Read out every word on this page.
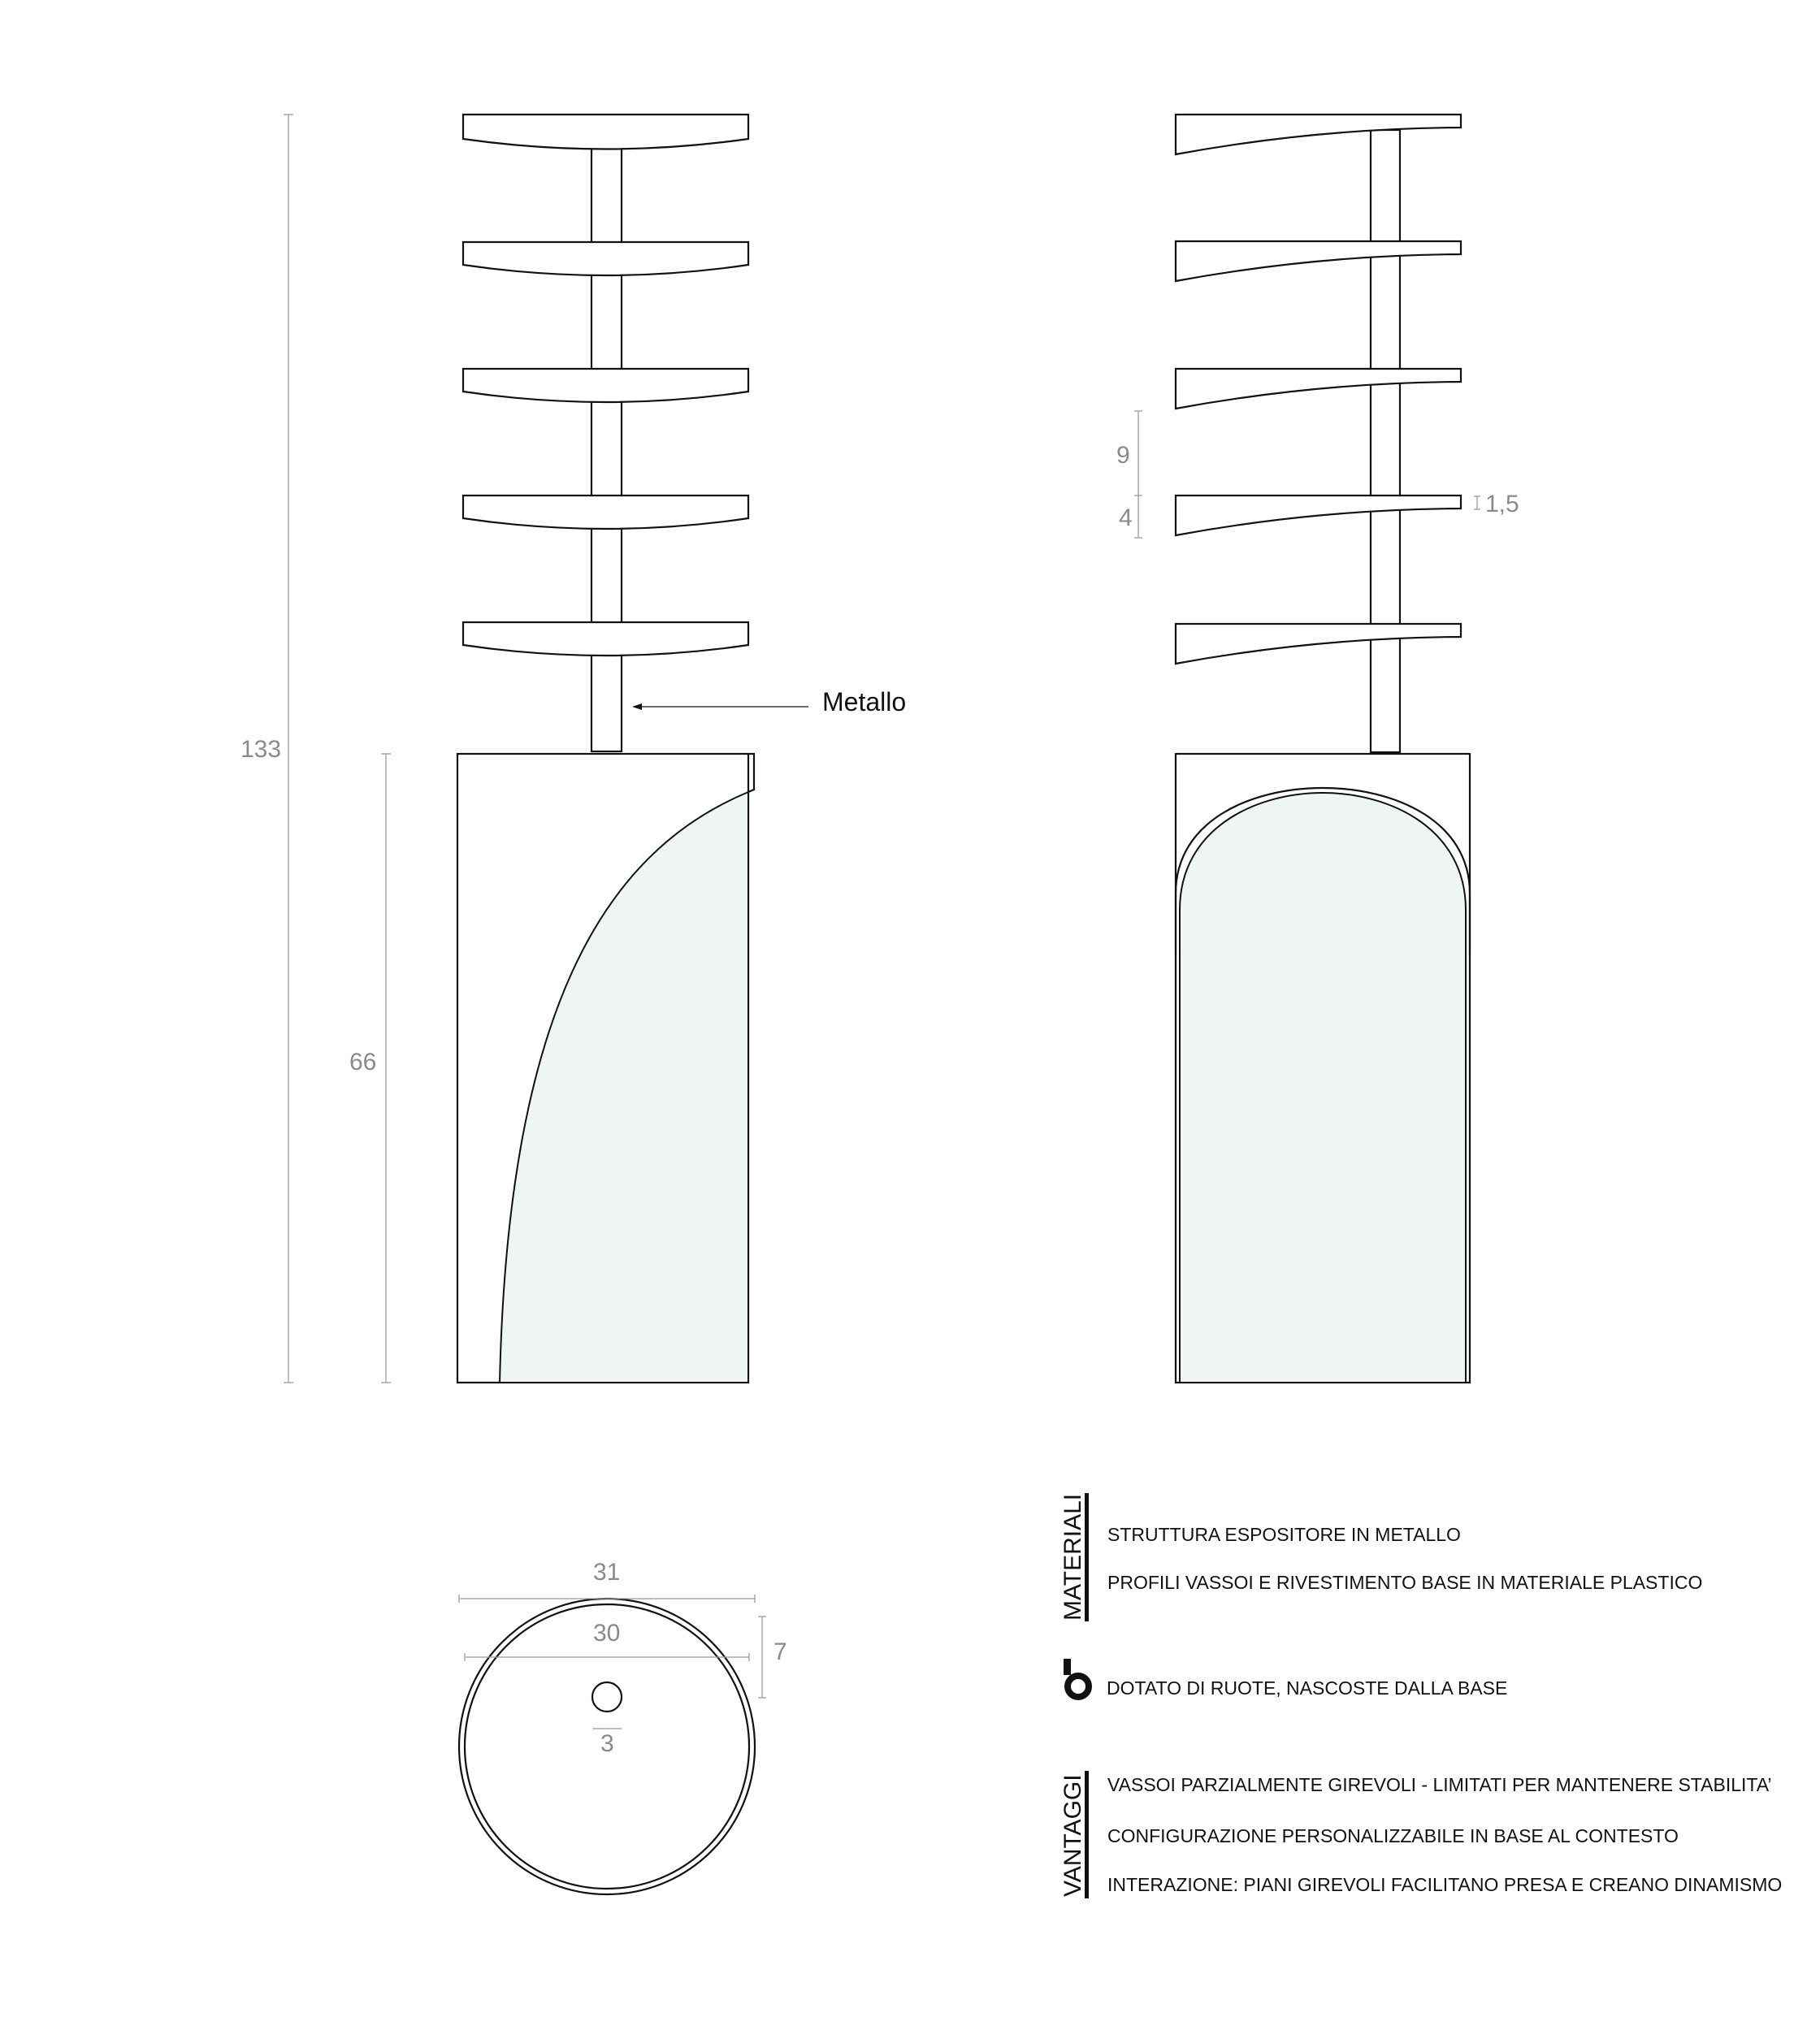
Metallo
133
66
9
4
1,5
31
30
7
3
MATERIALI STRUTTURA ESPOSITORE IN METALLO
PROFILI VASSOI E RIVESTIMENTO BASE IN MATERIALE PLASTICO
DOTATO DI RUOTE, NASCOSTE DALLA BASE
VANTAGGI VASSOI PARZIALMENTE GIREVOLI - LIMITATI PER MANTENERE STABILITA’
CONFIGURAZIONE PERSONALIZZABILE IN BASE AL CONTESTO
INTERAZIONE: PIANI GIREVOLI FACILITANO PRESA E CREANO DINAMISMO
